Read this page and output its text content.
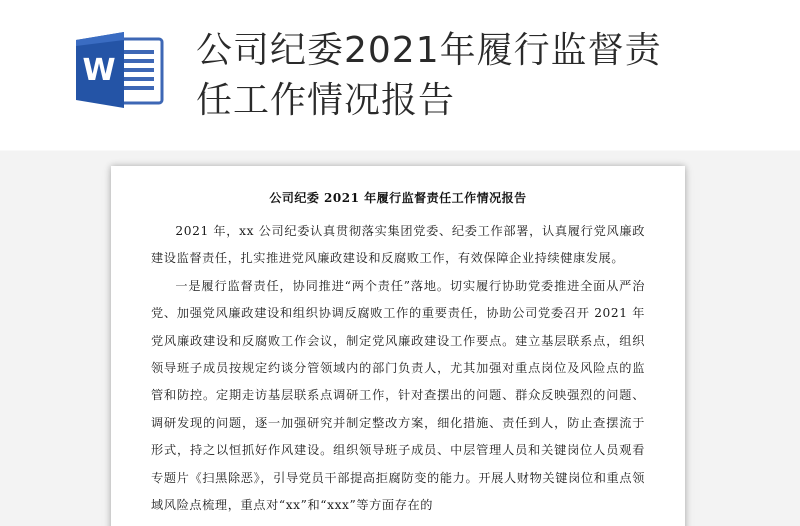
W 公司纪委2021年履行监督责任工作情况报告
公司纪委 2021 年履行监督责任工作情况报告

2021 年，xx 公司纪委认真贯彻落实集团党委、纪委工作部署，认真履行党风廉政建设监督责任，扎实推进党风廉政建设和反腐败工作，有效保障企业持续健康发展。

一是履行监督责任，协同推进“两个责任”落地。切实履行协助党委推进全面从严治党、加强党风廉政建设和组织协调反腐败工作的重要责任，协助公司党委召开 2021 年党风廉政建设和反腐败工作会议，制定党风廉政建设工作要点。建立基层联系点，组织领导班子成员按规定约谈分管领域内的部门负责人，尤其加强对重点岗位及风险点的监管和防控。定期走访基层联系点调研工作，针对查摆出的问题、群众反映强烈的问题、调研发现的问题，逐一加强研究并制定整改方案，细化措施、责任到人，防止查摆流于形式，持之以恒抓好作风建设。组织领导班子成员、中层管理人员和关键岗位人员观看专题片《扫黑除恶》，引导党员干部提高拒腐防变的能力。开展人财物关键岗位和重点领域风险点梳理，重点对“xx”和“xxx”等方面存在的
